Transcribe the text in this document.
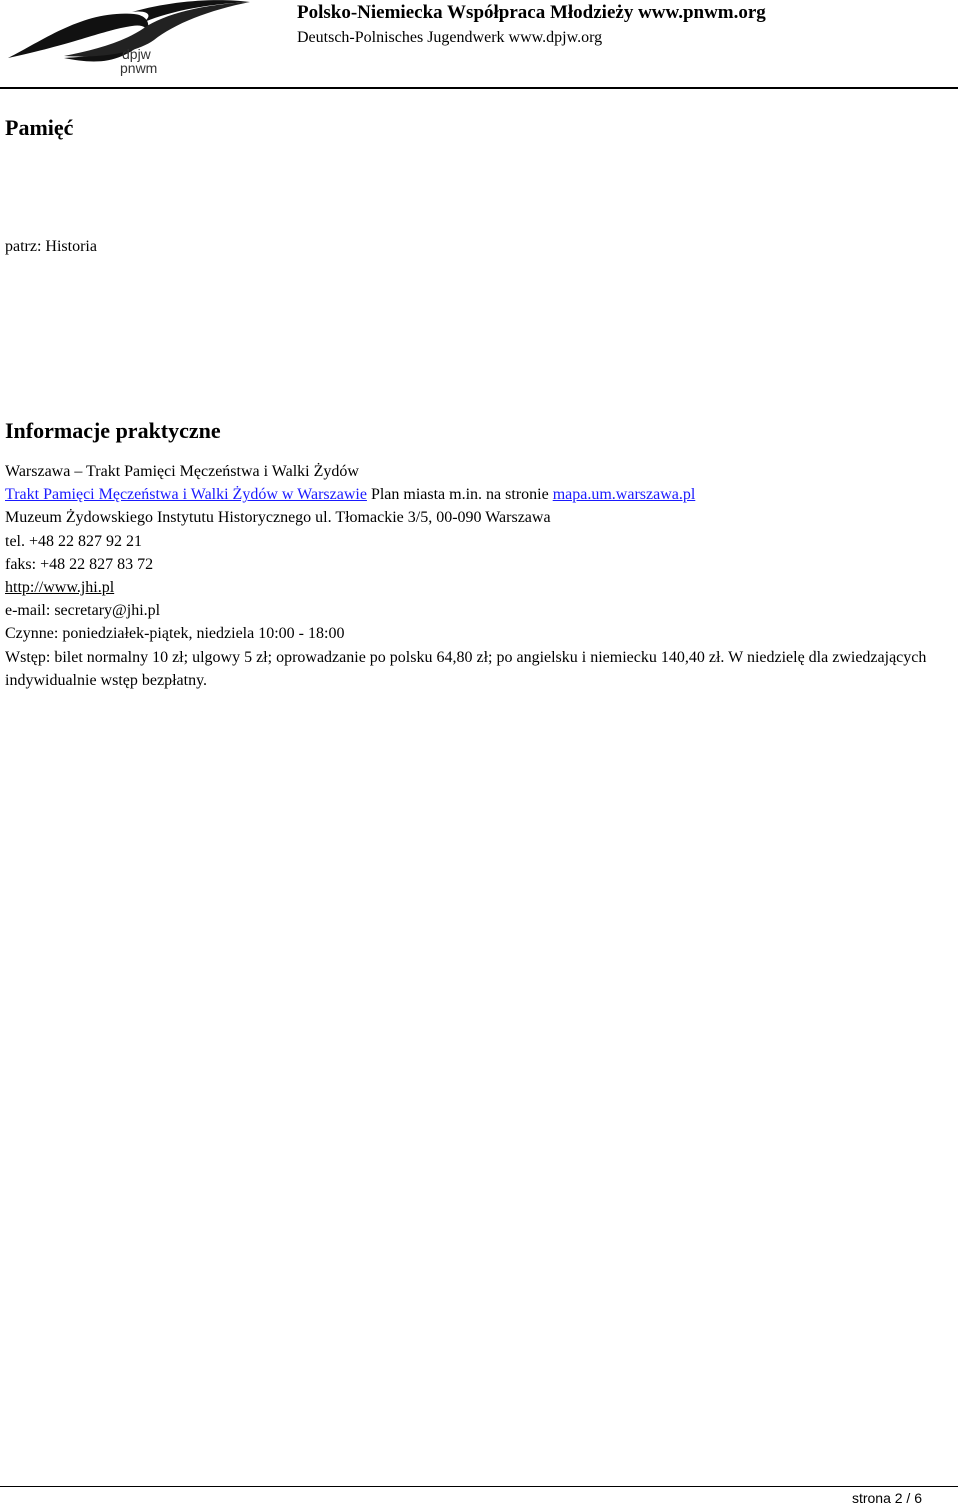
dpjw
pnwm
Polsko-Niemiecka Współpraca Młodzieży www.pnwm.org
Deutsch-Polnisches Jugendwerk www.dpjw.org
Pamięć
patrz: Historia
Informacje praktyczne
Warszawa – Trakt Pamięci Męczeństwa i Walki Żydów
Trakt Pamięci Męczeństwa i Walki Żydów w Warszawie Plan miasta m.in. na stronie mapa.um.warszawa.pl
Muzeum Żydowskiego Instytutu Historycznego ul. Tłomackie 3/5, 00-090 Warszawa
tel. +48 22 827 92 21
faks: +48 22 827 83 72
http://www.jhi.pl
e-mail: secretary@jhi.pl
Czynne: poniedziałek-piątek, niedziela 10:00 - 18:00
Wstęp: bilet normalny 10 zł; ulgowy 5 zł; oprowadzanie po polsku 64,80 zł; po angielsku i niemiecku 140,40 zł. W niedzielę dla zwiedzających indywidualnie wstęp bezpłatny.
strona 2 / 6
